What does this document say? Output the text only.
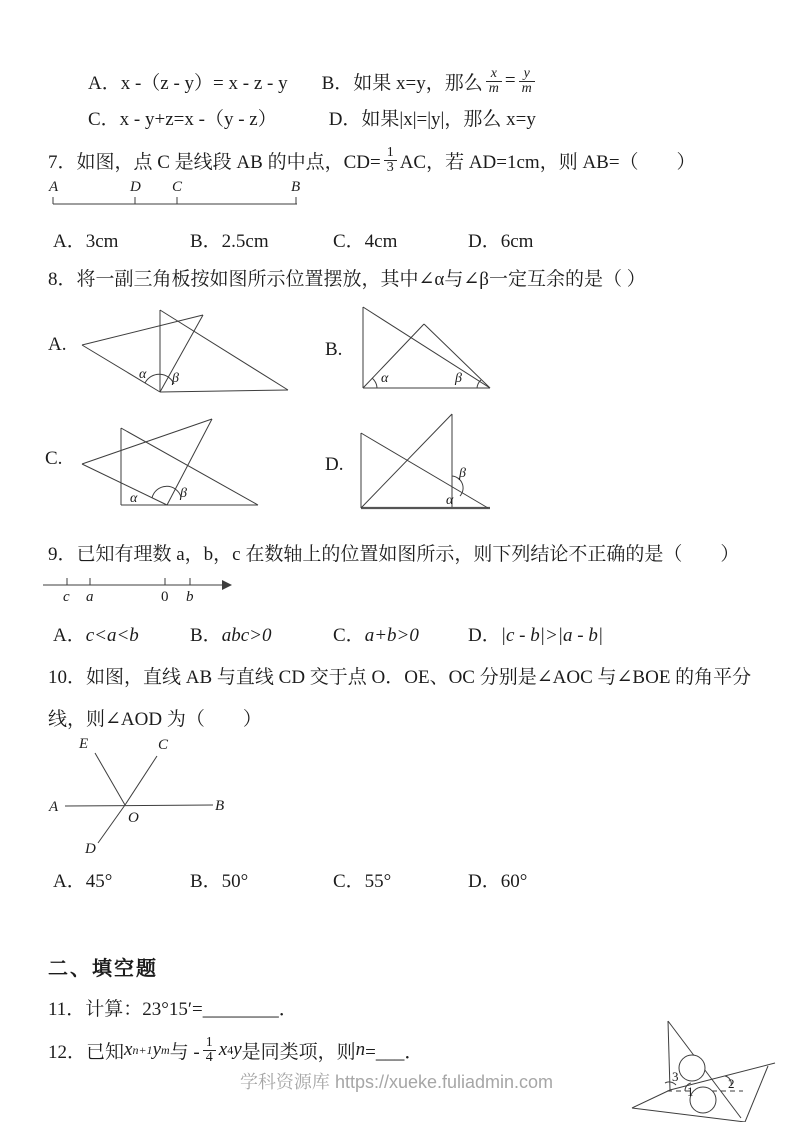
A．x -（z - y）= x - z - y B．如果 x=y，那么 $\frac{x}{m} = \frac{y}{m}$
C．x - y+z=x -（y - z）	D．如果|x|=|y|，那么 x=y
7．如图，点 C 是线段 AB 的中点，$CD= \frac{1}{3}$ AC，若 AD=1cm，则 AB=（　　）
A	D C	B
A．3cm	B．2.5cm	C．4cm	D．6cm
8．将一副三角板按如图所示位置摆放，其中∠α与∠β一定互余的是（ ）
A.
α β
B.
α	β
C.
α	β
D.	β
α
9．已知有理数 a，b，c 在数轴上的位置如图所示，则下列结论不正确的是（　　）
c a	0 b
A．c<a<b	B．abc>0	C．a+b>0	D．|c - b|>|a - b|
10．如图，直线 AB 与直线 CD 交于点 O．OE、OC 分别是∠AOC 与∠BOE 的角平分
线，则∠AOD 为（　　）
E	C
A	B
D
O
A．45°	B．50°	C．55°	D．60°
二、填空题
11．计算：23°15′=________．
12．已知 x n+1 y m 与 - $\frac{1}{4}$ x 4 y 是同类项，则 n =___．
学科资源库 https://xueke.fuliadmin.com	3
1
2
